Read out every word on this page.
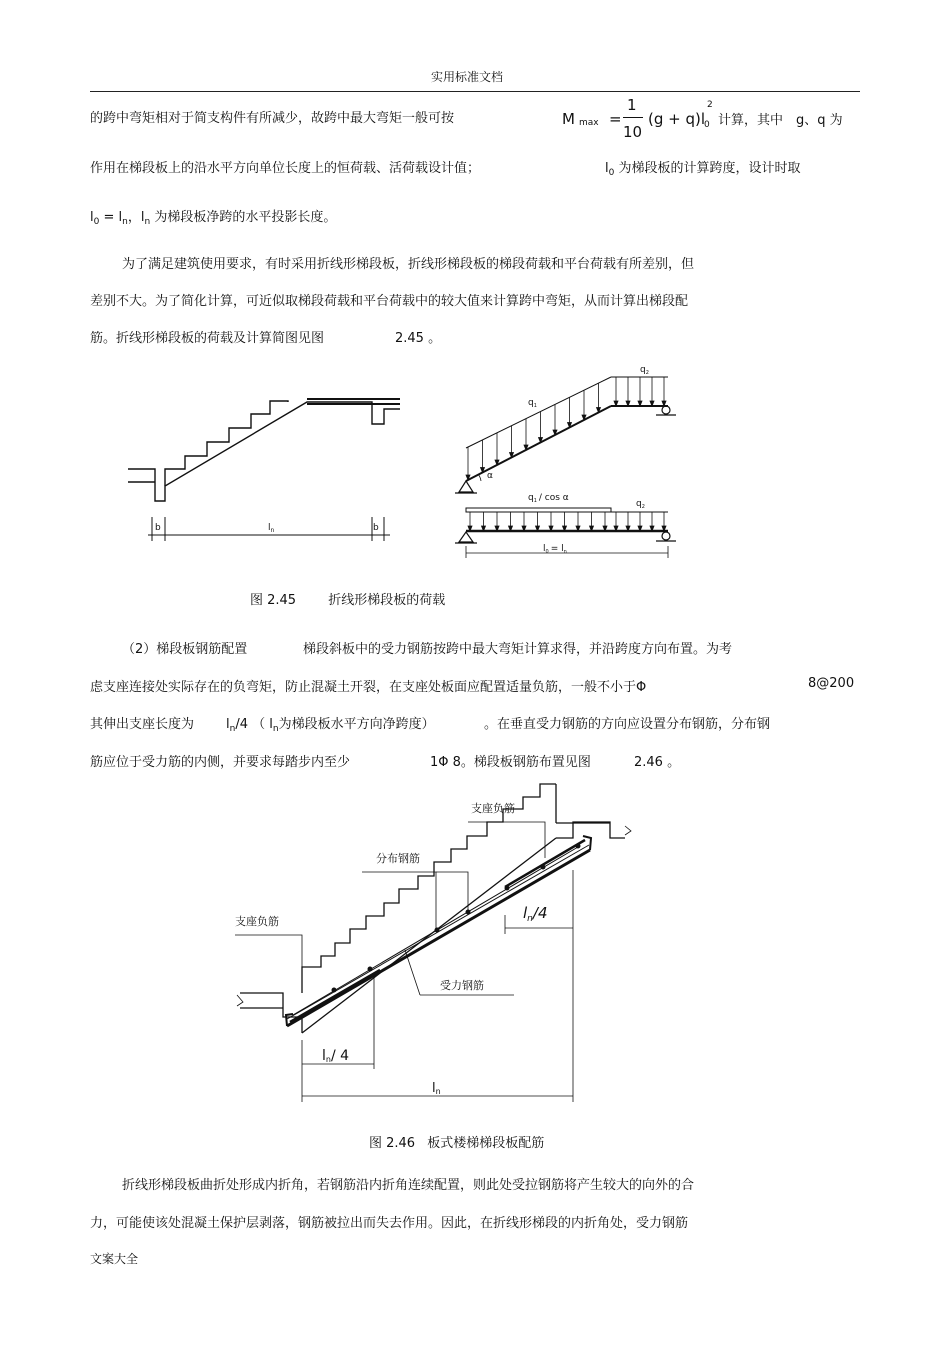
实用标准文档
的跨中弯矩相对于简支构件有所减少，故跨中最大弯矩一般可按	M max =
1
10
(g + q)l
0
2
计算，其中　g、q 为
作用在梯段板上的沿水平方向单位长度上的恒荷载、活荷载设计值；	$l_0$ 为梯段板的计算跨度，设计时取
$l_0 = l_n$，$l_n$ 为梯段板净跨的水平投影长度。
为了满足建筑使用要求，有时采用折线形梯段板，折线形梯段板的梯段荷载和平台荷载有所差别，但
差别不大。为了简化计算，可近似取梯段荷载和平台荷载中的较大值来计算跨中弯矩，从而计算出梯段配
筋。折线形梯段板的荷载及计算简图见图	2.45 。
b	$l_n$	b
$q_1$
$q_2$
α
$q_1$ / cos α
$q_2$
$l_0 = l_n$
支座负筋
分布钢筋
支座负筋
受力钢筋
$l_n/4$
ln/ 4
ln
图 2.45 折线形梯段板的荷载
（2）梯段板钢筋配置	梯段斜板中的受力钢筋按跨中最大弯矩计算求得，并沿跨度方向布置。为考
虑支座连接处实际存在的负弯矩，防止混凝土开裂，在支座处板面应配置适量负筋，一般不小于Φ	8@200
其伸出支座长度为 $l_n/4$ （ $l_n$为梯段板水平方向净跨度）	。在垂直受力钢筋的方向应设置分布钢筋，分布钢
筋应位于受力筋的内侧，并要求每踏步内至少	1Φ 8。梯段板钢筋布置见图	2.46 。
图 2.46 板式楼梯梯段板配筋
折线形梯段板曲折处形成内折角，若钢筋沿内折角连续配置，则此处受拉钢筋将产生较大的向外的合
力，可能使该处混凝土保护层剥落，钢筋被拉出而失去作用。因此，在折线形梯段的内折角处，受力钢筋
文案大全
